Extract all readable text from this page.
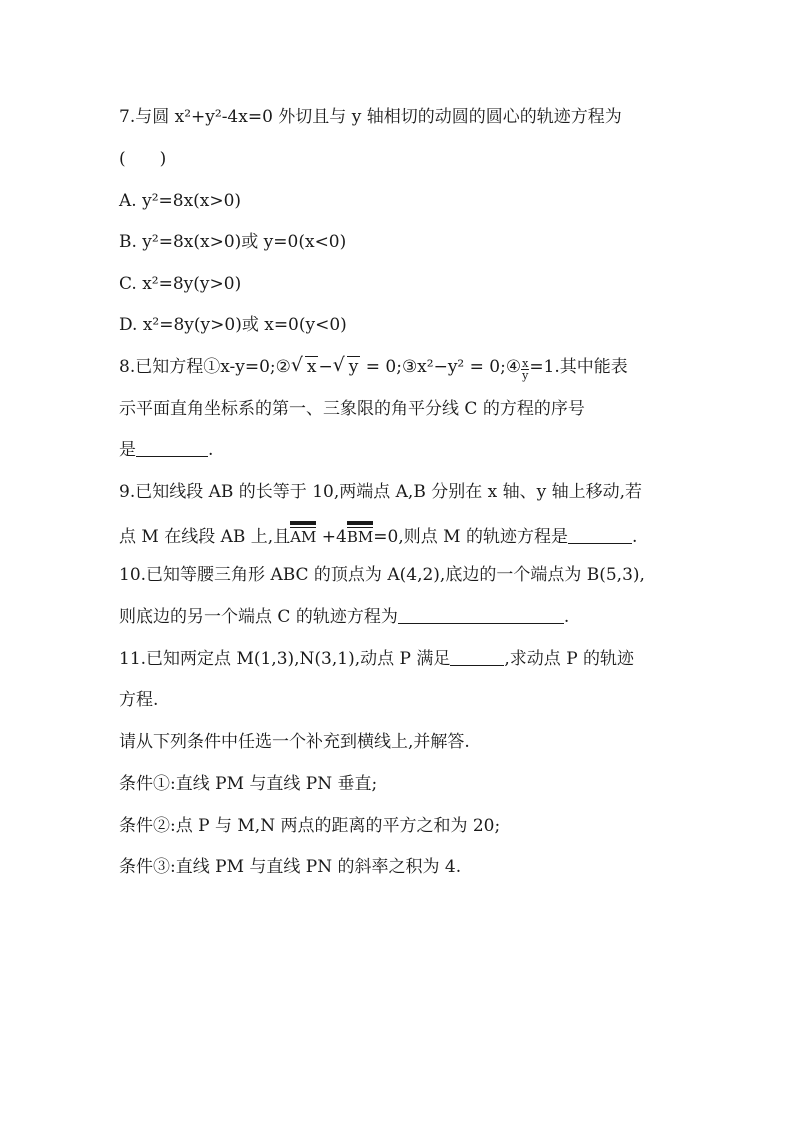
7.与圆 x²+y²-4x=0 外切且与 y 轴相切的动圆的圆心的轨迹方程为
(　　)
A. y²=8x(x>0)
B. y²=8x(x>0)或 y=0(x<0)
C. x²=8y(y>0)
D. x²=8y(y>0)或 x=0(y<0)
8.已知方程①x-y=0;② √ x − √ y = 0;③x²−y² = 0;④ $\frac{x}{y} =1$.其中能表
示平面直角坐标系的第一、三象限的角平分线 C 的方程的序号
是	.
9.已知线段 AB 的长等于 10,两端点 A,B 分别在 x 轴、y 轴上移动,若
点 M 在线段 AB 上,且AM +4BM=0,则点 M 的轨迹方程是	.
10.已知等腰三角形 ABC 的顶点为 A(4,2),底边的一个端点为 B(5,3),
则底边的另一个端点 C 的轨迹方程为	.
11.已知两定点 M(1,3),N(3,1),动点 P 满足	,求动点 P 的轨迹
方程.
请从下列条件中任选一个补充到横线上,并解答.
条件①:直线 PM 与直线 PN 垂直;
条件②:点 P 与 M,N 两点的距离的平方之和为 20;
条件③:直线 PM 与直线 PN 的斜率之积为 4.
